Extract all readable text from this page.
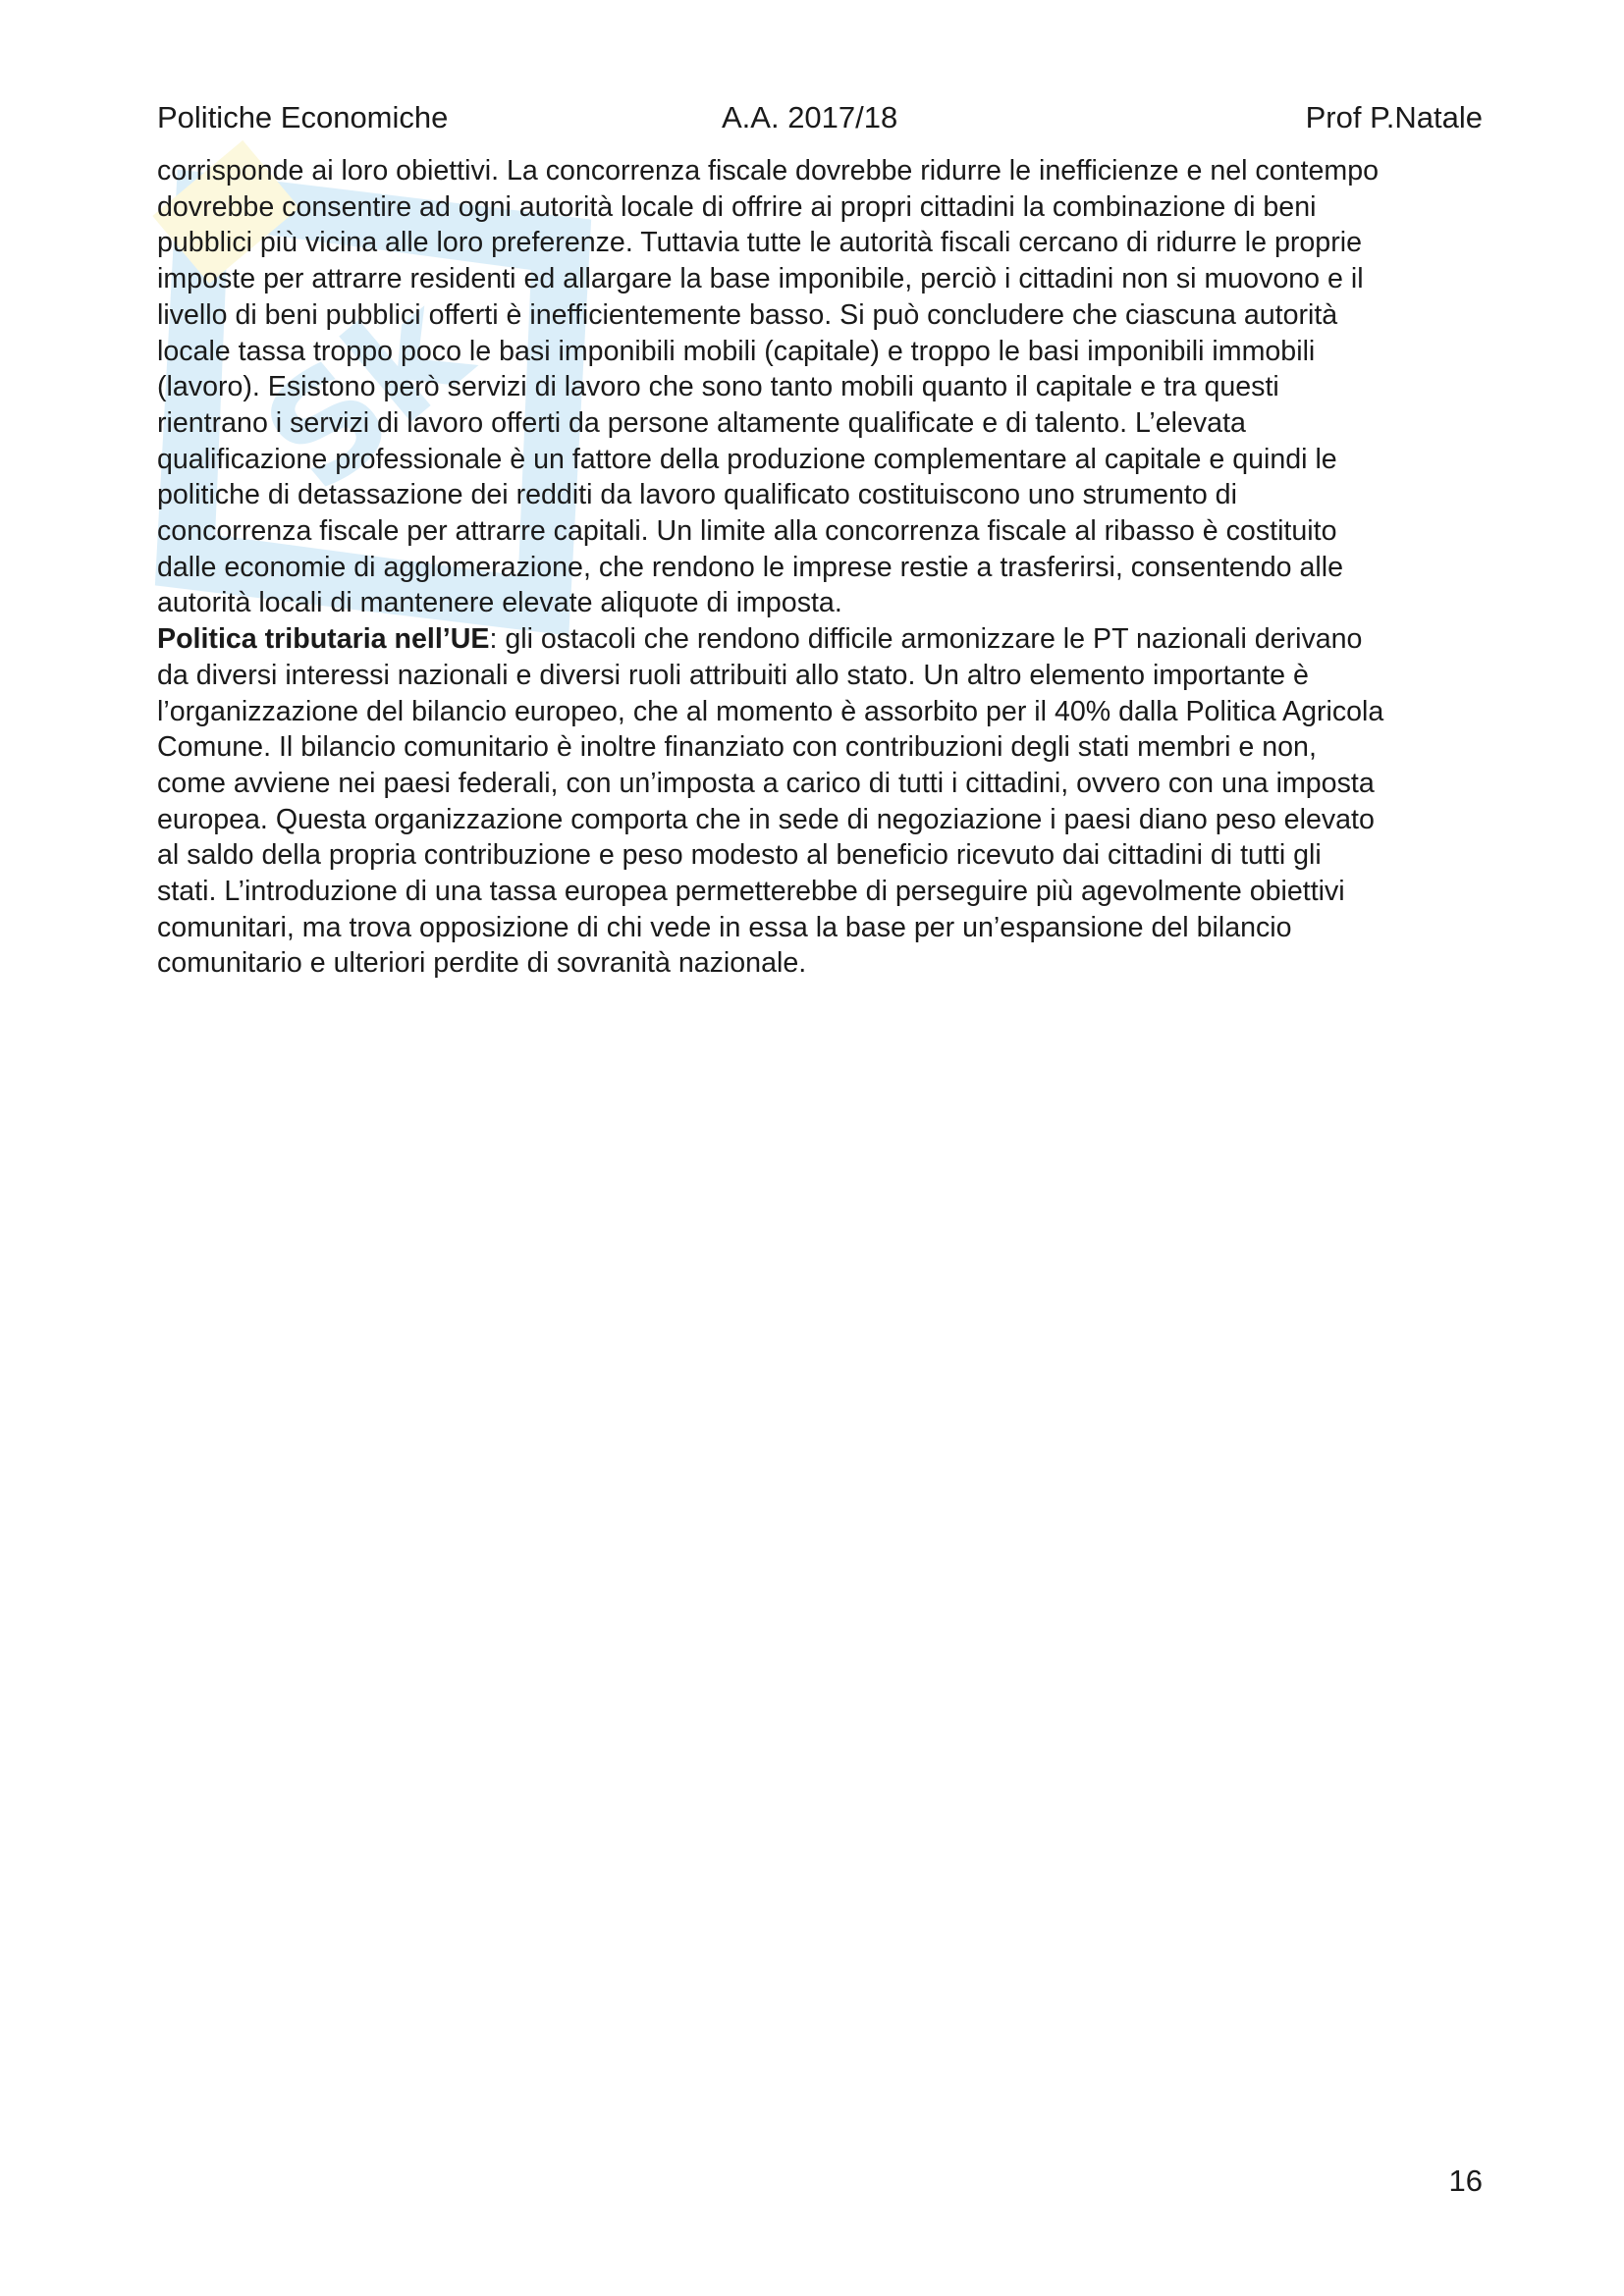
Sk
Politiche Economiche	A.A. 2017/18	Prof P.Natale
corrisponde ai loro obiettivi. La concorrenza fiscale dovrebbe ridurre le inefficienze e nel contempo
dovrebbe consentire ad ogni autorità locale di offrire ai propri cittadini la combinazione di beni
pubblici più vicina alle loro preferenze. Tuttavia tutte le autorità fiscali cercano di ridurre le proprie
imposte per attrarre residenti ed allargare la base imponibile, perciò i cittadini non si muovono e il
livello di beni pubblici offerti è inefficientemente basso. Si può concludere che ciascuna autorità
locale tassa troppo poco le basi imponibili mobili (capitale) e troppo le basi imponibili immobili
(lavoro). Esistono però servizi di lavoro che sono tanto mobili quanto il capitale e tra questi
rientrano i servizi di lavoro offerti da persone altamente qualificate e di talento. L’elevata
qualificazione professionale è un fattore della produzione complementare al capitale e quindi le
politiche di detassazione dei redditi da lavoro qualificato costituiscono uno strumento di
concorrenza fiscale per attrarre capitali. Un limite alla concorrenza fiscale al ribasso è costituito
dalle economie di agglomerazione, che rendono le imprese restie a trasferirsi, consentendo alle
autorità locali di mantenere elevate aliquote di imposta.
Politica tributaria nell’UE: gli ostacoli che rendono difficile armonizzare le PT nazionali derivano
da diversi interessi nazionali e diversi ruoli attribuiti allo stato. Un altro elemento importante è
l’organizzazione del bilancio europeo, che al momento è assorbito per il 40% dalla Politica Agricola
Comune. Il bilancio comunitario è inoltre finanziato con contribuzioni degli stati membri e non,
come avviene nei paesi federali, con un’imposta a carico di tutti i cittadini, ovvero con una imposta
europea. Questa organizzazione comporta che in sede di negoziazione i paesi diano peso elevato
al saldo della propria contribuzione e peso modesto al beneficio ricevuto dai cittadini di tutti gli
stati. L’introduzione di una tassa europea permetterebbe di perseguire più agevolmente obiettivi
comunitari, ma trova opposizione di chi vede in essa la base per un’espansione del bilancio
comunitario e ulteriori perdite di sovranità nazionale.
16
